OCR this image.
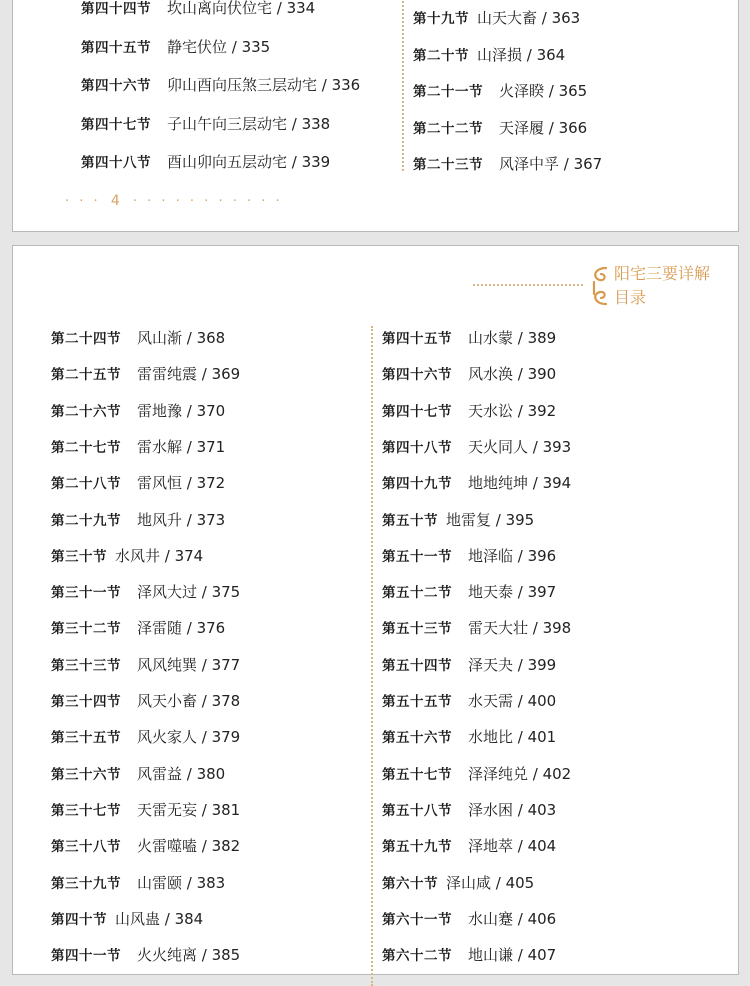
第四十四节 坎山离向伏位宅 / 334
第四十五节 静宅伏位 / 335
第四十六节 卯山酉向压煞三层动宅 / 336
第四十七节 子山午向三层动宅 / 338
第四十八节 酉山卯向五层动宅 / 339
第十九节 山天大畜 / 363
第二十节 山泽损 / 364
第二十一节 火泽睽 / 365
第二十二节 天泽履 / 366
第二十三节 风泽中孚 / 367
· · · 4 · · · · · · · · · · ·
阳宅三要详解
目录
第二十四节 风山渐 / 368
第二十五节 雷雷纯震 / 369
第二十六节 雷地豫 / 370
第二十七节 雷水解 / 371
第二十八节 雷风恒 / 372
第二十九节 地风升 / 373
第三十节 水风井 / 374
第三十一节 泽风大过 / 375
第三十二节 泽雷随 / 376
第三十三节 风风纯巽 / 377
第三十四节 风天小畜 / 378
第三十五节 风火家人 / 379
第三十六节 风雷益 / 380
第三十七节 天雷无妄 / 381
第三十八节 火雷噬嗑 / 382
第三十九节 山雷颐 / 383
第四十节 山风蛊 / 384
第四十一节 火火纯离 / 385
第四十五节 山水蒙 / 389
第四十六节 风水涣 / 390
第四十七节 天水讼 / 392
第四十八节 天火同人 / 393
第四十九节 地地纯坤 / 394
第五十节 地雷复 / 395
第五十一节 地泽临 / 396
第五十二节 地天泰 / 397
第五十三节 雷天大壮 / 398
第五十四节 泽天夬 / 399
第五十五节 水天需 / 400
第五十六节 水地比 / 401
第五十七节 泽泽纯兑 / 402
第五十八节 泽水困 / 403
第五十九节 泽地萃 / 404
第六十节 泽山咸 / 405
第六十一节 水山蹇 / 406
第六十二节 地山谦 / 407
